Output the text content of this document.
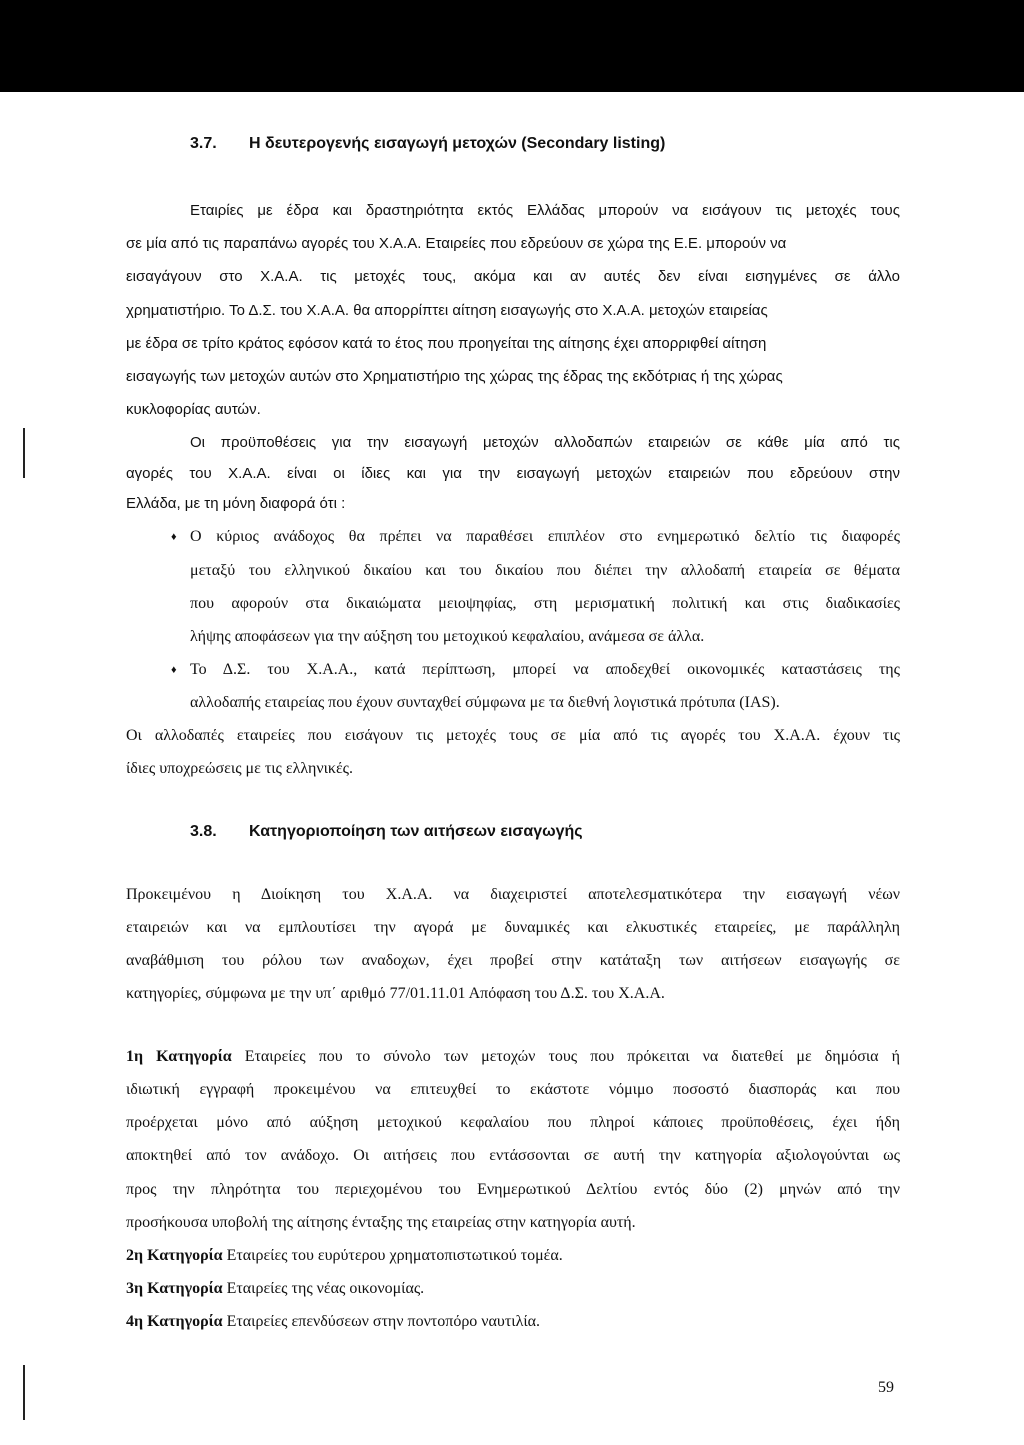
3.7. Η δευτερογενής εισαγωγή μετοχών (Secondary listing)
Εταιρίες με έδρα και δραστηριότητα εκτός Ελλάδας μπορούν να εισάγουν τις μετοχές τους
σε μία από τις παραπάνω αγορές του Χ.Α.Α. Εταιρείες που εδρεύουν σε χώρα της Ε.Ε. μπορούν να
εισαγάγουν στο Χ.Α.Α. τις μετοχές τους, ακόμα και αν αυτές δεν είναι εισηγμένες σε άλλο
χρηματιστήριο. Το Δ.Σ. του Χ.Α.Α. θα απορρίπτει αίτηση εισαγωγής στο Χ.Α.Α. μετοχών εταιρείας
με έδρα σε τρίτο κράτος εφόσον κατά το έτος που προηγείται της αίτησης έχει απορριφθεί αίτηση
εισαγωγής των μετοχών αυτών στο Χρηματιστήριο της χώρας της έδρας της εκδότριας ή της χώρας
κυκλοφορίας αυτών.
Οι προϋποθέσεις για την εισαγωγή μετοχών αλλοδαπών εταιρειών σε κάθε μία από τις
αγορές του Χ.Α.Α. είναι οι ίδιες και για την εισαγωγή μετοχών εταιρειών που εδρεύουν στην
Ελλάδα, με τη μόνη διαφορά ότι :
♦ Ο κύριος ανάδοχος θα πρέπει να παραθέσει επιπλέον στο ενημερωτικό δελτίο τις διαφορές
μεταξύ του ελληνικού δικαίου και του δικαίου που διέπει την αλλοδαπή εταιρεία σε θέματα
που αφορούν στα δικαιώματα μειοψηφίας, στη μερισματική πολιτική και στις διαδικασίες
λήψης αποφάσεων για την αύξηση του μετοχικού κεφαλαίου, ανάμεσα σε άλλα.
♦ Το Δ.Σ. του Χ.Α.Α., κατά περίπτωση, μπορεί να αποδεχθεί οικονομικές καταστάσεις της
αλλοδαπής εταιρείας που έχουν συνταχθεί σύμφωνα με τα διεθνή λογιστικά πρότυπα (IAS).
Οι αλλοδαπές εταιρείες που εισάγουν τις μετοχές τους σε μία από τις αγορές του Χ.Α.Α. έχουν τις
ίδιες υποχρεώσεις με τις ελληνικές.
3.8. Κατηγοριοποίηση των αιτήσεων εισαγωγής
Προκειμένου η Διοίκηση του Χ.Α.Α. να διαχειριστεί αποτελεσματικότερα την εισαγωγή νέων
εταιρειών και να εμπλουτίσει την αγορά με δυναμικές και ελκυστικές εταιρείες, με παράλληλη
αναβάθμιση του ρόλου των αναδοχων, έχει προβεί στην κατάταξη των αιτήσεων εισαγωγής σε
κατηγορίες, σύμφωνα με την υπ΄ αριθμό 77/01.11.01 Απόφαση του Δ.Σ. του Χ.Α.Α.
1η Κατηγορία Εταιρείες που το σύνολο των μετοχών τους που πρόκειται να διατεθεί με δημόσια ή
ιδιωτική εγγραφή προκειμένου να επιτευχθεί το εκάστοτε νόμιμο ποσοστό διασποράς και που
προέρχεται μόνο από αύξηση μετοχικού κεφαλαίου που πληροί κάποιες προϋποθέσεις, έχει ήδη
αποκτηθεί από τον ανάδοχο. Οι αιτήσεις που εντάσσονται σε αυτή την κατηγορία αξιολογούνται ως
προς την πληρότητα του περιεχομένου του Ενημερωτικού Δελτίου εντός δύο (2) μηνών από την
προσήκουσα υποβολή της αίτησης ένταξης της εταιρείας στην κατηγορία αυτή.
2η Κατηγορία Εταιρείες του ευρύτερου χρηματοπιστωτικού τομέα.
3η Κατηγορία Εταιρείες της νέας οικονομίας.
4η Κατηγορία Εταιρείες επενδύσεων στην ποντοπόρο ναυτιλία.
59
